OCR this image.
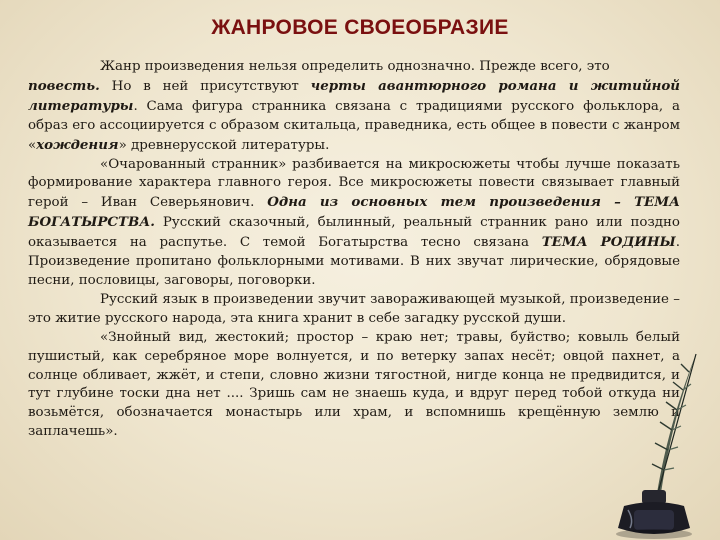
ЖАНРОВОЕ СВОЕОБРАЗИЕ

Жанр произведения нельзя определить однозначно. Прежде всего, это
повесть. Но в ней присутствуют черты авантюрного романа и житийной литературы. Сама фигура странника связана с традициями русского фольклора, а образ его ассоциируется с образом скитальца, праведника, есть общее в повести с жанром «хождения» древнерусской литературы.

«Очарованный странник» разбивается на микросюжеты чтобы лучше показать формирование характера главного героя. Все микросюжеты повести связывает главный герой – Иван Северьянович. Одна из основных тем произведения – ТЕМА БОГАТЫРСТВА. Русский сказочный, былинный, реальный странник рано или поздно оказывается на распутье. С темой Богатырства тесно связана ТЕМА РОДИНЫ. Произведение пропитано фольклорными мотивами. В них звучат лирические, обрядовые песни, пословицы, заговоры, поговорки.

Русский язык в произведении звучит завораживающей музыкой, произведение – это житие русского народа, эта книга хранит в себе загадку русской души.

«Знойный вид, жестокий; простор – краю нет; травы, буйство; ковыль белый пушистый, как серебряное море волнуется, и по ветерку запах несёт; овцой пахнет, а солнце обливает, жжёт, и степи, словно жизни тягостной, нигде конца не предвидится, и тут глубине тоски дна нет .... Зришь сам не знаешь куда, и вдруг перед тобой откуда ни возьмётся, обозначается монастырь или храм, и вспомнишь крещённую землю и заплачешь».
